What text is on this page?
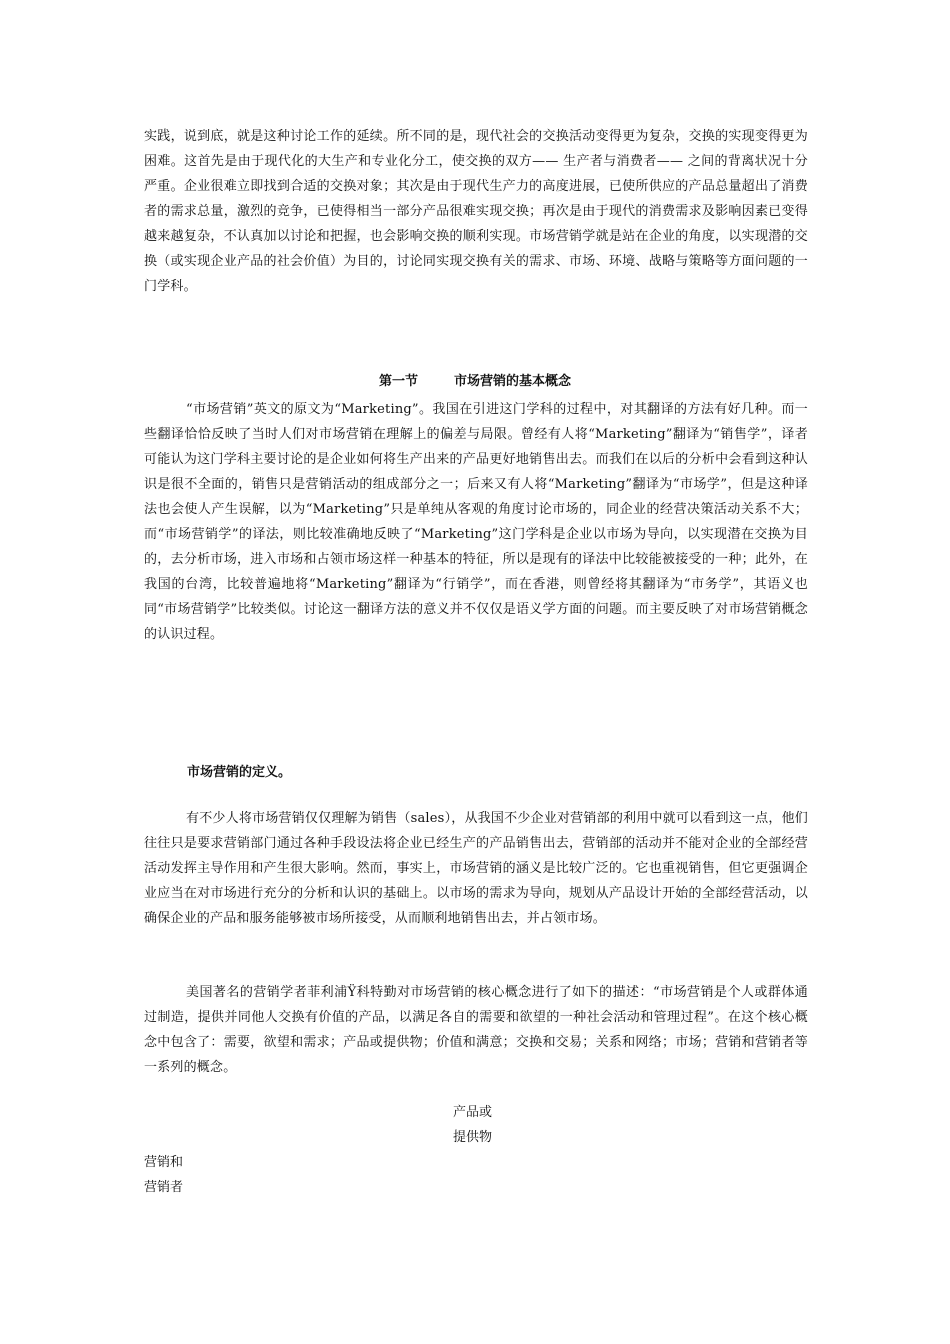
实践，说到底，就是这种讨论工作的延续。所不同的是，现代社会的交换活动变得更为复杂，交换的实现变得更为困难。这首先是由于现代化的大生产和专业化分工，使交换的双方—— 生产者与消费者—— 之间的背离状况十分严重。企业很难立即找到合适的交换对象；其次是由于现代生产力的高度进展，已使所供应的产品总量超出了消费者的需求总量，激烈的竞争，已使得相当一部分产品很难实现交换；再次是由于现代的消费需求及影响因素已变得越来越复杂，不认真加以讨论和把握，也会影响交换的顺利实现。市场营销学就是站在企业的角度，以实现潜的交换（或实现企业产品的社会价值）为目的，讨论同实现交换有关的需求、市场、环境、战略与策略等方面问题的一门学科。

第一节	市场营销的基本概念

“市场营销”英文的原文为“Marketing”。我国在引进这门学科的过程中，对其翻译的方法有好几种。而一些翻译恰恰反映了当时人们对市场营销在理解上的偏差与局限。曾经有人将“Marketing”翻译为“销售学”，译者可能认为这门学科主要讨论的是企业如何将生产出来的产品更好地销售出去。而我们在以后的分析中会看到这种认识是很不全面的，销售只是营销活动的组成部分之一；后来又有人将“Marketing”翻译为“市场学”，但是这种译法也会使人产生误解，以为“Marketing”只是单纯从客观的角度讨论市场的，同企业的经营决策活动关系不大；而“市场营销学”的译法，则比较准确地反映了“Marketing”这门学科是企业以市场为导向，以实现潜在交换为目的，去分析市场，进入市场和占领市场这样一种基本的特征，所以是现有的译法中比较能被接受的一种；此外，在我国的台湾，比较普遍地将“Marketing”翻译为“行销学”，而在香港，则曾经将其翻译为“市务学”，其语义也同“市场营销学”比较类似。讨论这一翻译方法的意义并不仅仅是语义学方面的问题。而主要反映了对市场营销概念的认识过程。

市场营销的定义。

有不少人将市场营销仅仅理解为销售（sales），从我国不少企业对营销部的利用中就可以看到这一点，他们往往只是要求营销部门通过各种手段设法将企业已经生产的产品销售出去，营销部的活动并不能对企业的全部经营活动发挥主导作用和产生很大影响。然而，事实上，市场营销的涵义是比较广泛的。它也重视销售，但它更强调企业应当在对市场进行充分的分析和认识的基础上。以市场的需求为导向，规划从产品设计开始的全部经营活动，以确保企业的产品和服务能够被市场所接受，从而顺利地销售出去，并占领市场。

美国著名的营销学者菲利浦Ÿ科特勤对市场营销的核心概念进行了如下的描述：“市场营销是个人或群体通过制造，提供并同他人交换有价值的产品，以满足各自的需要和欲望的一种社会活动和管理过程”。在这个核心概念中包含了：需要，欲望和需求；产品或提供物；价值和满意；交换和交易；关系和网络；市场；营销和营销者等一系列的概念。

产品或
提供物
营销和
营销者
